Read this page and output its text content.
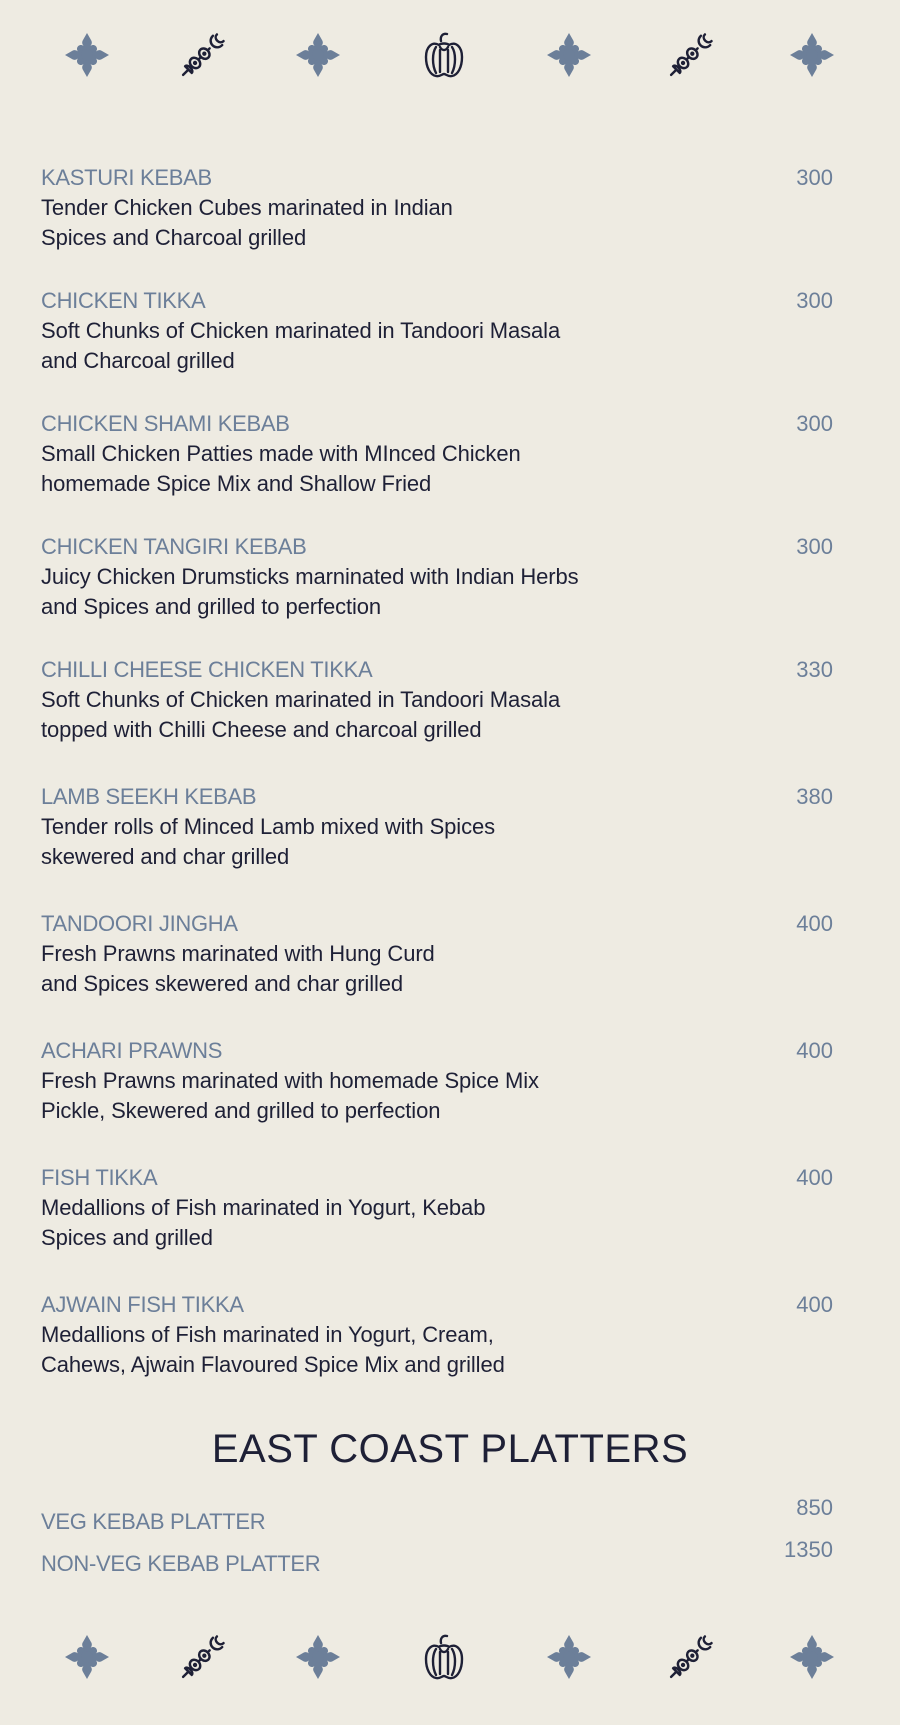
KASTURI KEBAB
Tender Chicken Cubes marinated in Indian
Spices and Charcoal grilled
300
CHICKEN TIKKA
Soft Chunks of Chicken marinated in Tandoori Masala
and Charcoal grilled
300
CHICKEN SHAMI KEBAB
Small Chicken Patties made with MInced Chicken
homemade Spice Mix and Shallow Fried
300
CHICKEN TANGIRI KEBAB
Juicy Chicken Drumsticks marninated with Indian Herbs
and Spices and grilled to perfection
300
CHILLI CHEESE CHICKEN TIKKA
Soft Chunks of Chicken marinated in Tandoori Masala
topped with Chilli Cheese and charcoal grilled
330
LAMB SEEKH KEBAB
Tender rolls of Minced Lamb mixed with Spices
skewered and char grilled
380
TANDOORI JINGHA
Fresh Prawns marinated with Hung Curd
and Spices skewered and char grilled
400
ACHARI PRAWNS
Fresh Prawns marinated with homemade Spice Mix
Pickle, Skewered and grilled to perfection
400
FISH TIKKA
Medallions of Fish marinated in Yogurt, Kebab
Spices and grilled
400
AJWAIN FISH TIKKA
Medallions of Fish marinated in Yogurt, Cream,
Cahews, Ajwain Flavoured Spice Mix and grilled
400
EAST COAST PLATTERS
VEG KEBAB PLATTER
850
NON-VEG KEBAB PLATTER
1350
